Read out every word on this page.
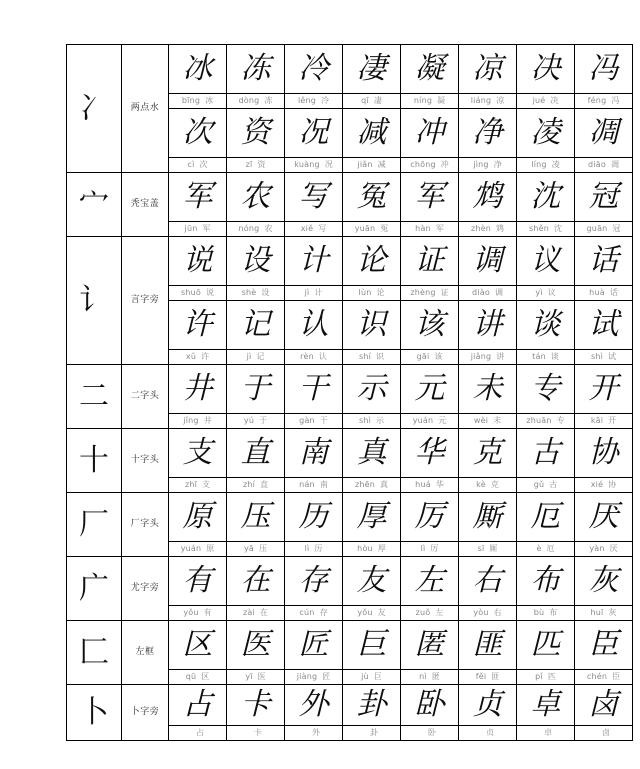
冫	两点水	冰	冻	冷	凄	凝	凉	决	冯

		bīng 冰	dòng 冻	lěng 冷	qī 凄	níng 凝	liáng 凉	jué 决	féng 冯

		次	资	况	减	冲	净	凌	凋

		cì 次	zī 资	kuàng 况	jiǎn 减	chōng 冲	jìng 净	líng 凌	diāo 凋

宀	秃宝盖	军	农	写	冤	军	鸩	沈	冠

		jūn 军	nóng 农	xiě 写	yuān 冤	hàn 军	zhèn 鸩	shěn 沈	guān 冠

讠	言字旁	说	设	计	论	证	调	议	话

		shuō 说	shè 设	jì 计	lùn 论	zhèng 证	diào 调	yì 议	huà 话

		许	记	认	识	该	讲	谈	试

		xǔ 许	jì 记	rèn 认	shí 识	gāi 该	jiǎng 讲	tán 谈	shì 试

二	二字头	井	于	干	示	元	未	专	开

		jǐng 井	yú 于	gàn 干	shì 示	yuán 元	wèi 未	zhuān 专	kāi 开

十	十字头	支	直	南	真	华	克	古	协

		zhī 支	zhí 直	nán 南	zhēn 真	huá 华	kè 克	gǔ 古	xié 协

厂	厂字头	原	压	历	厚	厉	厮	厄	厌

		yuán 原	yā 压	lì 历	hòu 厚	lì 厉	sī 厮	è 厄	yàn 厌

广	尤字旁	有	在	存	友	左	右	布	灰

		yǒu 有	zài 在	cún 存	yǒu 友	zuǒ 左	yòu 右	bù 布	huī 灰

匚	左框	区	医	匠	巨	匿	匪	匹	臣

		qū 区	yī 医	jiàng 匠	jù 巨	nì 匿	fěi 匪	pǐ 匹	chén 臣

卜	卜字旁	占	卡	外	卦	卧	贞	卓	卤

		占	卡	外	卦	卧	贞	卓	卤
